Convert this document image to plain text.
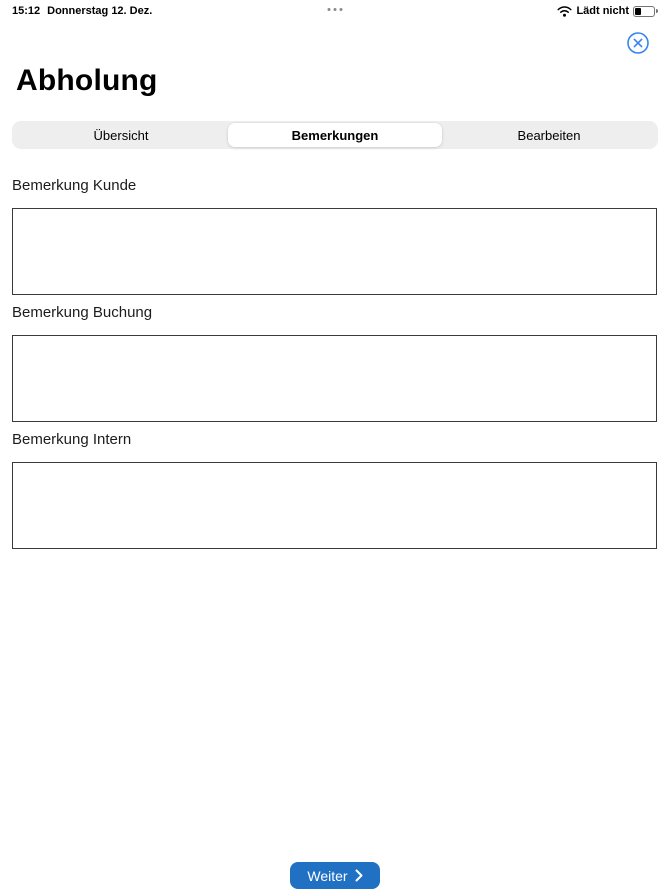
15:12 Donnerstag 12. Dez.	Lädt nicht
Abholung
Übersicht	Bemerkungen	Bearbeiten
Bemerkung Kunde
Bemerkung Buchung
Bemerkung Intern
Weiter
